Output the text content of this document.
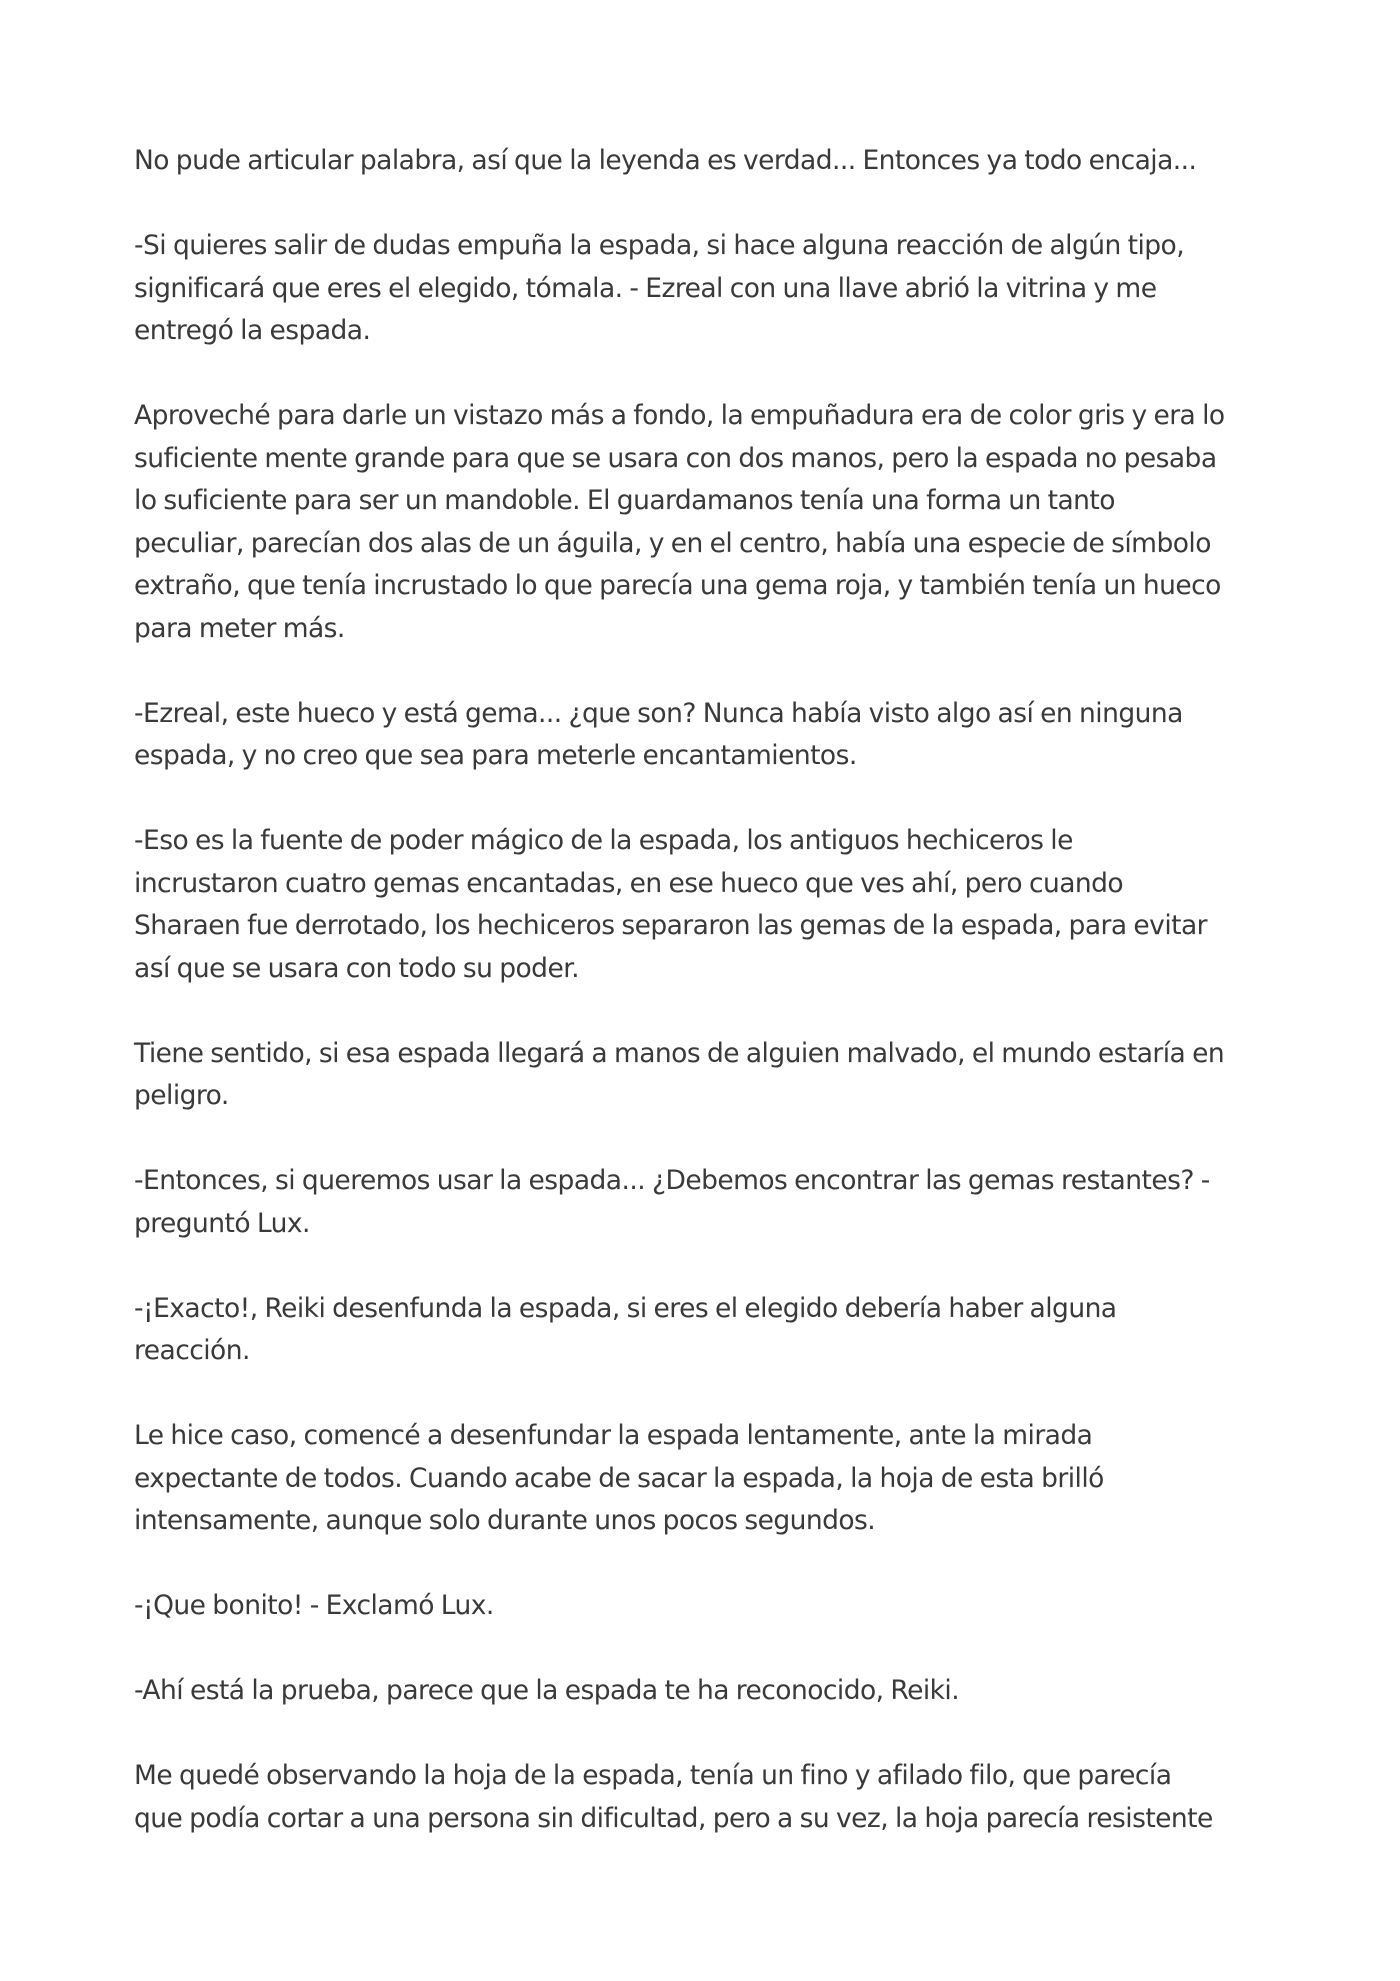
No pude articular palabra, así que la leyenda es verdad... Entonces ya todo encaja...

-Si quieres salir de dudas empuña la espada, si hace alguna reacción de algún tipo,
significará que eres el elegido, tómala. - Ezreal con una llave abrió la vitrina y me
entregó la espada.

Aproveché para darle un vistazo más a fondo, la empuñadura era de color gris y era lo
suficiente mente grande para que se usara con dos manos, pero la espada no pesaba
lo suficiente para ser un mandoble. El guardamanos tenía una forma un tanto
peculiar, parecían dos alas de un águila, y en el centro, había una especie de símbolo
extraño, que tenía incrustado lo que parecía una gema roja, y también tenía un hueco
para meter más.

-Ezreal, este hueco y está gema... ¿que son? Nunca había visto algo así en ninguna
espada, y no creo que sea para meterle encantamientos.

-Eso es la fuente de poder mágico de la espada, los antiguos hechiceros le
incrustaron cuatro gemas encantadas, en ese hueco que ves ahí, pero cuando
Sharaen fue derrotado, los hechiceros separaron las gemas de la espada, para evitar
así que se usara con todo su poder.

Tiene sentido, si esa espada llegará a manos de alguien malvado, el mundo estaría en
peligro.

-Entonces, si queremos usar la espada... ¿Debemos encontrar las gemas restantes? -
preguntó Lux.

-¡Exacto!, Reiki desenfunda la espada, si eres el elegido debería haber alguna
reacción.

Le hice caso, comencé a desenfundar la espada lentamente, ante la mirada
expectante de todos. Cuando acabe de sacar la espada, la hoja de esta brilló
intensamente, aunque solo durante unos pocos segundos.

-¡Que bonito! - Exclamó Lux.

-Ahí está la prueba, parece que la espada te ha reconocido, Reiki.

Me quedé observando la hoja de la espada, tenía un fino y afilado filo, que parecía
que podía cortar a una persona sin dificultad, pero a su vez, la hoja parecía resistente
